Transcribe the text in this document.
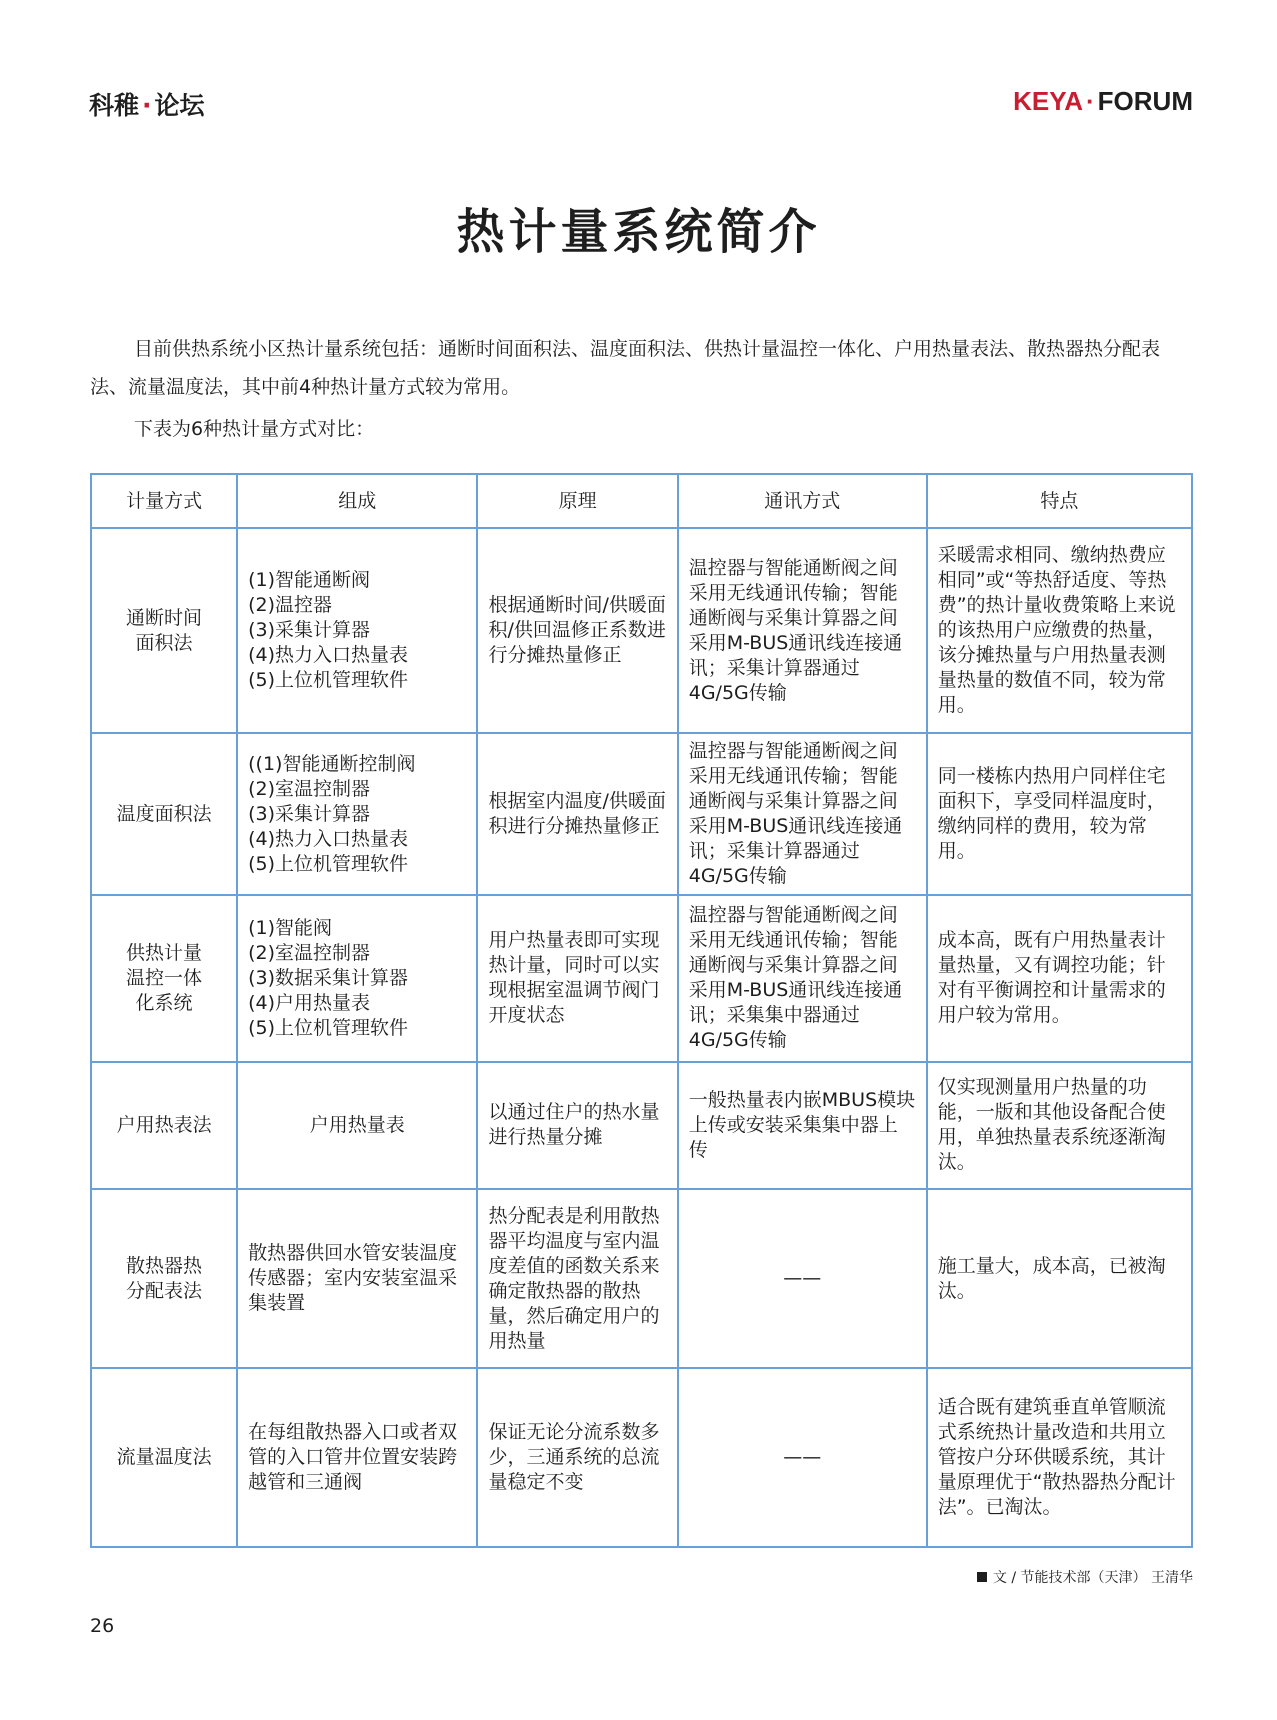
科稚 · 论坛	KEYA · FORUM
热计量系统简介

目前供热系统小区热计量系统包括：通断时间面积法、温度面积法、供热计量温控一体化、户用热量表法、散热器热分配表法、流量温度法，其中前4种热计量方式较为常用。

下表为6种热计量方式对比：

计量方式	组成	原理	通讯方式	特点
通断时间面积法	(1)智能通断阀
(2)温控器
(3)采集计算器
(4)热力入口热量表
(5)上位机管理软件	根据通断时间/供暖面积/供回温修正系数进行分摊热量修正	温控器与智能通断阀之间采用无线通讯传输；智能通断阀与采集计算器之间采用M-BUS通讯线连接通讯；采集计算器通过4G/5G传输	采暖需求相同、缴纳热费应相同”或“等热舒适度、等热费”的热计量收费策略上来说的该热用户应缴费的热量，该分摊热量与户用热量表测量热量的数值不同，较为常用。
温度面积法	((1)智能通断控制阀
(2)室温控制器
(3)采集计算器
(4)热力入口热量表
(5)上位机管理软件	根据室内温度/供暖面积进行分摊热量修正	温控器与智能通断阀之间采用无线通讯传输；智能通断阀与采集计算器之间采用M-BUS通讯线连接通讯；采集计算器通过4G/5G传输	同一楼栋内热用户同样住宅面积下，享受同样温度时，缴纳同样的费用，较为常用。
供热计量温控一体化系统	(1)智能阀
(2)室温控制器
(3)数据采集计算器
(4)户用热量表
(5)上位机管理软件	用户热量表即可实现热计量，同时可以实现根据室温调节阀门开度状态	温控器与智能通断阀之间采用无线通讯传输；智能通断阀与采集计算器之间采用M-BUS通讯线连接通讯；采集集中器通过4G/5G传输	成本高，既有户用热量表计量热量，又有调控功能；针对有平衡调控和计量需求的用户较为常用。
户用热表法	户用热量表	以通过住户的热水量进行热量分摊	一般热量表内嵌MBUS模块上传或安装采集集中器上传	仅实现测量用户热量的功能，一版和其他设备配合使用，单独热量表系统逐渐淘汰。
散热器热分配表法	散热器供回水管安装温度传感器；室内安装室温采集装置	热分配表是利用散热器平均温度与室内温度差值的函数关系来确定散热器的散热量，然后确定用户的用热量	——	施工量大，成本高，已被淘汰。
流量温度法	在每组散热器入口或者双管的入口管井位置安装跨越管和三通阀	保证无论分流系数多少，三通系统的总流量稳定不变	——	适合既有建筑垂直单管顺流式系统热计量改造和共用立管按户分环供暖系统，其计量原理优于“散热器热分配计法”。已淘汰。
文 / 节能技术部（天津） 王清华
26
